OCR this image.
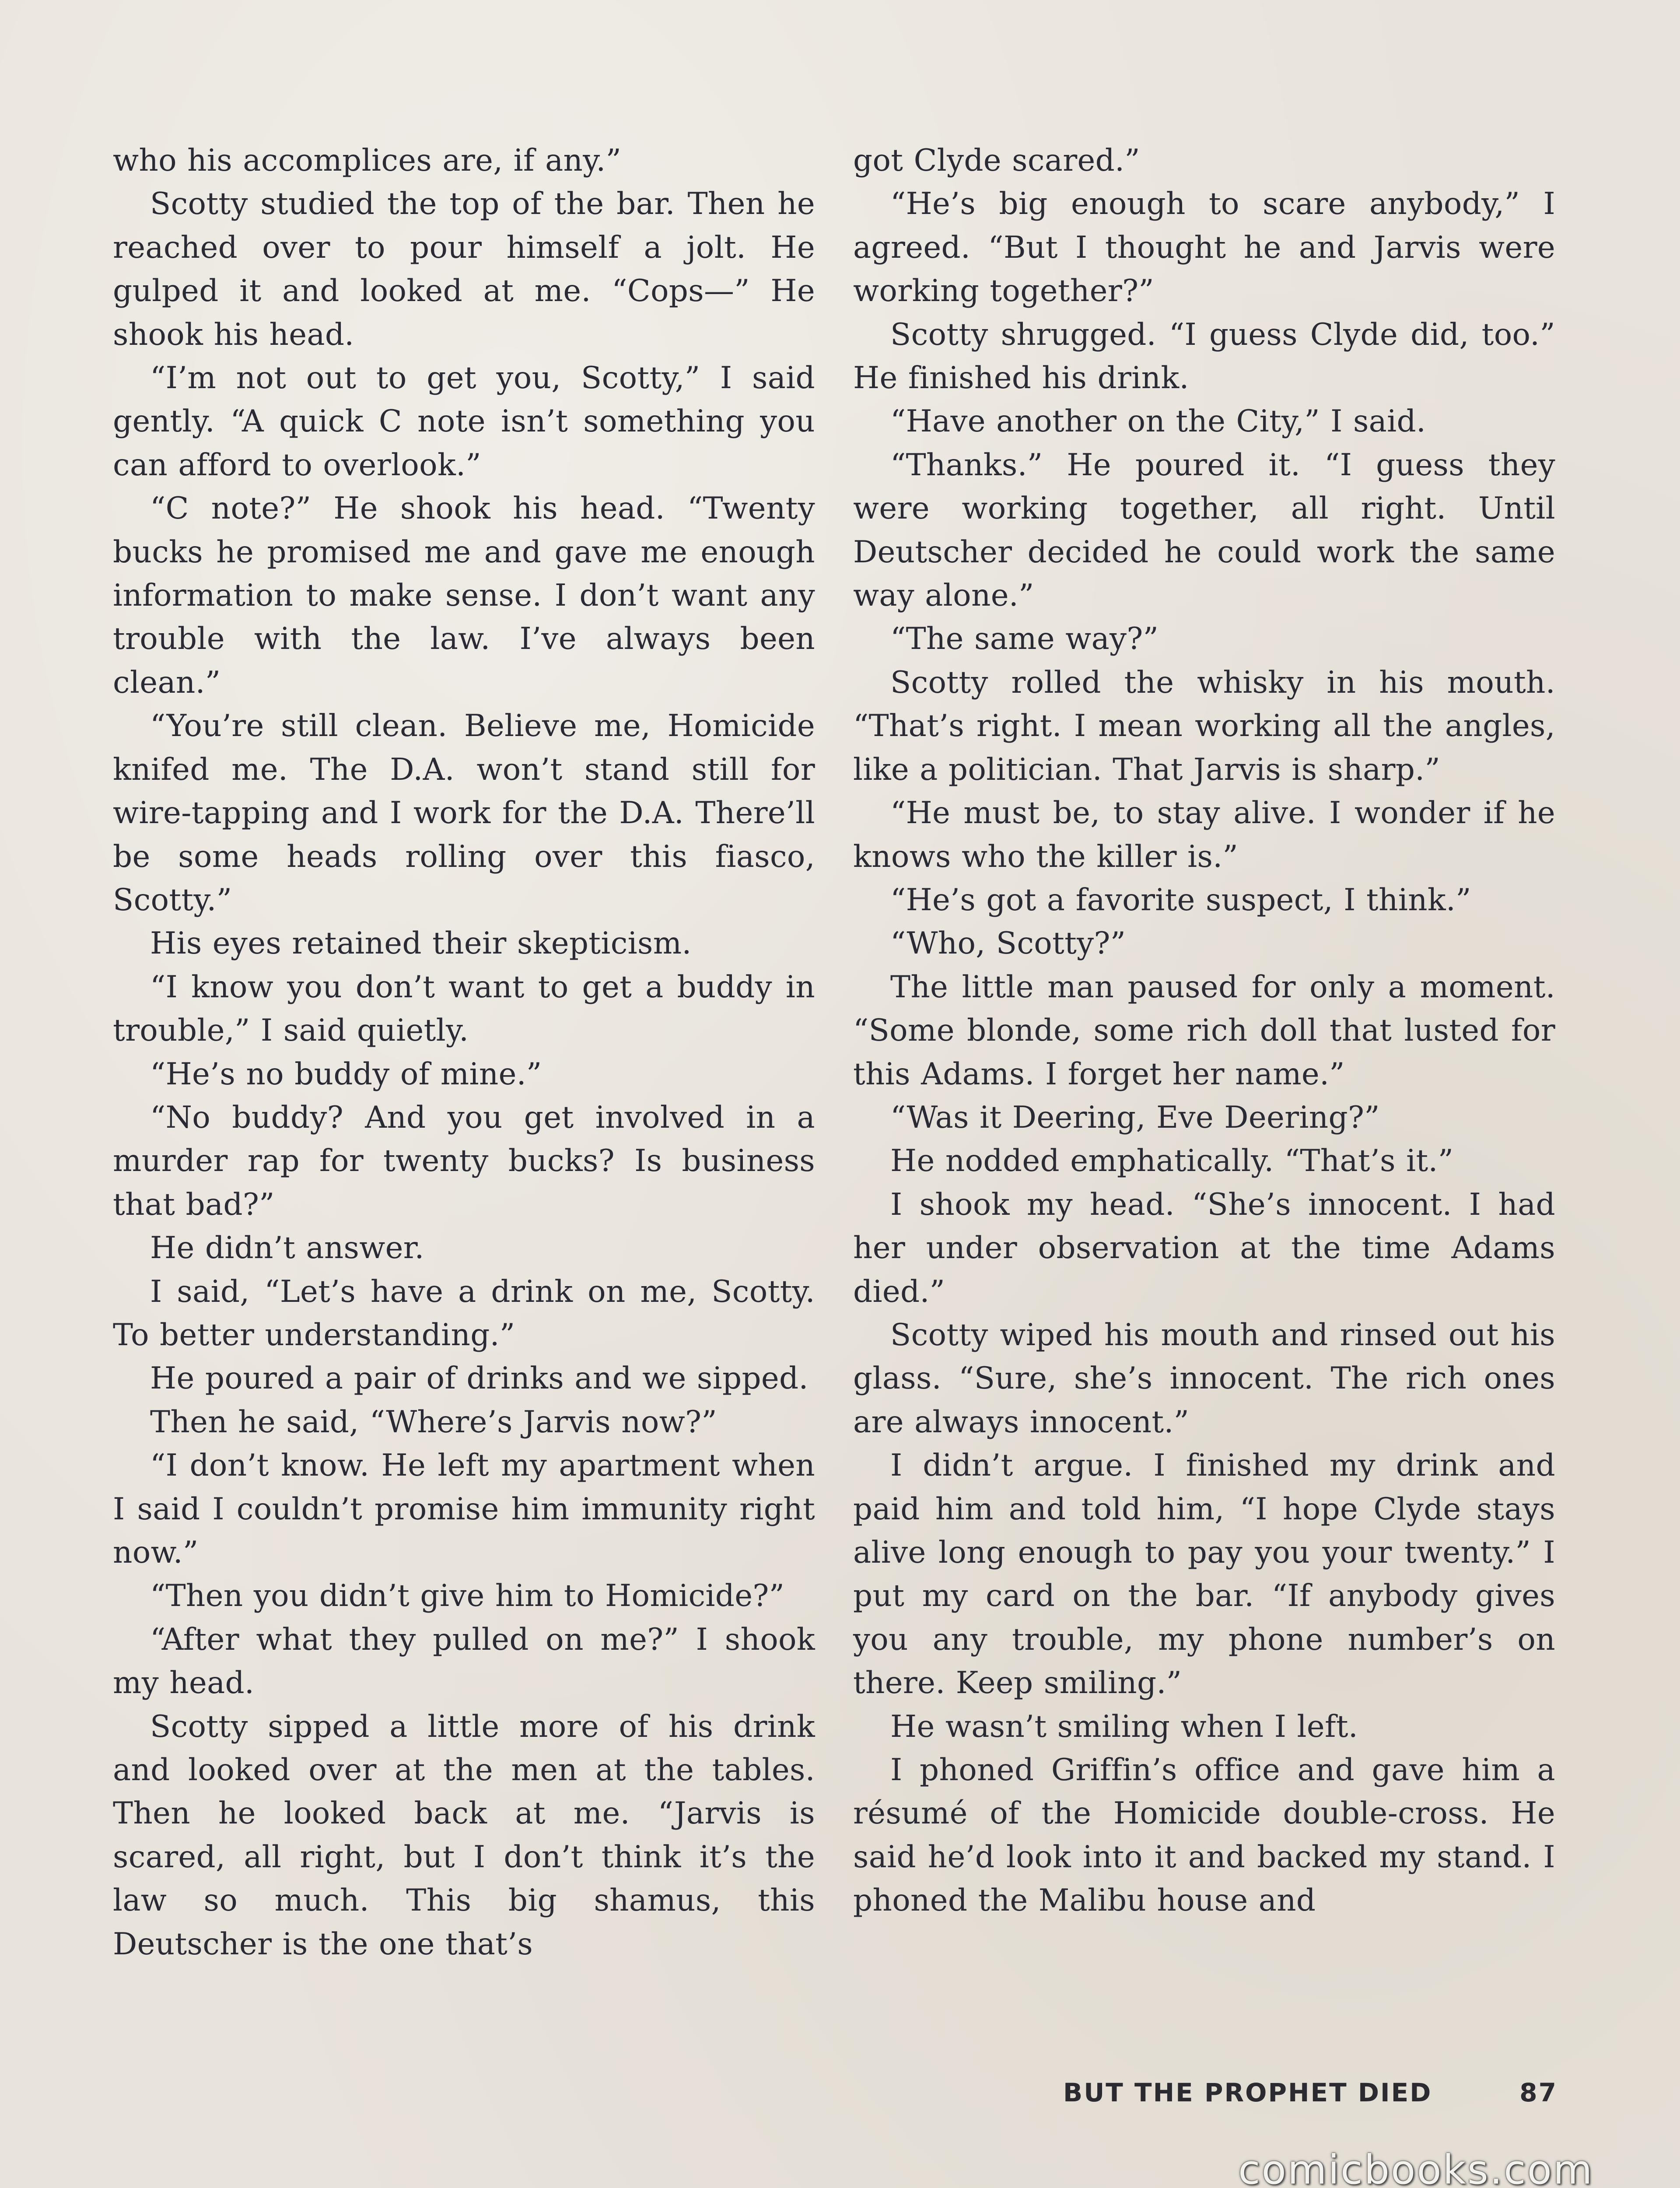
who his accomplices are, if any.”

Scotty studied the top of the bar. Then he reached over to pour himself a jolt. He gulped it and looked at me. “Cops—” He shook his head.

“I’m not out to get you, Scotty,” I said gently. “A quick C note isn’t something you can afford to overlook.”

“C note?” He shook his head. “Twenty bucks he promised me and gave me enough information to make sense. I don’t want any trouble with the law. I’ve always been clean.”

“You’re still clean. Believe me, Homicide knifed me. The D.A. won’t stand still for wire-tapping and I work for the D.A. There’ll be some heads rolling over this fiasco, Scotty.”

His eyes retained their skepticism.

“I know you don’t want to get a buddy in trouble,” I said quietly.

“He’s no buddy of mine.”

“No buddy? And you get involved in a murder rap for twenty bucks? Is business that bad?”

He didn’t answer.

I said, “Let’s have a drink on me, Scotty. To better understanding.”

He poured a pair of drinks and we sipped.

Then he said, “Where’s Jarvis now?”

“I don’t know. He left my apartment when I said I couldn’t promise him immunity right now.”

“Then you didn’t give him to Homicide?”

“After what they pulled on me?” I shook my head.

Scotty sipped a little more of his drink and looked over at the men at the tables. Then he looked back at me. “Jarvis is scared, all right, but I don’t think it’s the law so much. This big shamus, this Deutscher is the one that’s

got Clyde scared.”

“He’s big enough to scare anybody,” I agreed. “But I thought he and Jarvis were working together?”

Scotty shrugged. “I guess Clyde did, too.” He finished his drink.

“Have another on the City,” I said.

“Thanks.” He poured it. “I guess they were working together, all right. Until Deutscher decided he could work the same way alone.”

“The same way?”

Scotty rolled the whisky in his mouth. “That’s right. I mean working all the angles, like a politician. That Jarvis is sharp.”

“He must be, to stay alive. I wonder if he knows who the killer is.”

“He’s got a favorite suspect, I think.”

“Who, Scotty?”

The little man paused for only a moment. “Some blonde, some rich doll that lusted for this Adams. I forget her name.”

“Was it Deering, Eve Deering?”

He nodded emphatically. “That’s it.”

I shook my head. “She’s innocent. I had her under observation at the time Adams died.”

Scotty wiped his mouth and rinsed out his glass. “Sure, she’s innocent. The rich ones are always innocent.”

I didn’t argue. I finished my drink and paid him and told him, “I hope Clyde stays alive long enough to pay you your twenty.” I put my card on the bar. “If anybody gives you any trouble, my phone number’s on there. Keep smiling.”

He wasn’t smiling when I left.

I phoned Griffin’s office and gave him a résumé of the Homicide double-cross. He said he’d look into it and backed my stand. I phoned the Malibu house and

BUT THE PROPHET DIED	87
comicbooks.com
